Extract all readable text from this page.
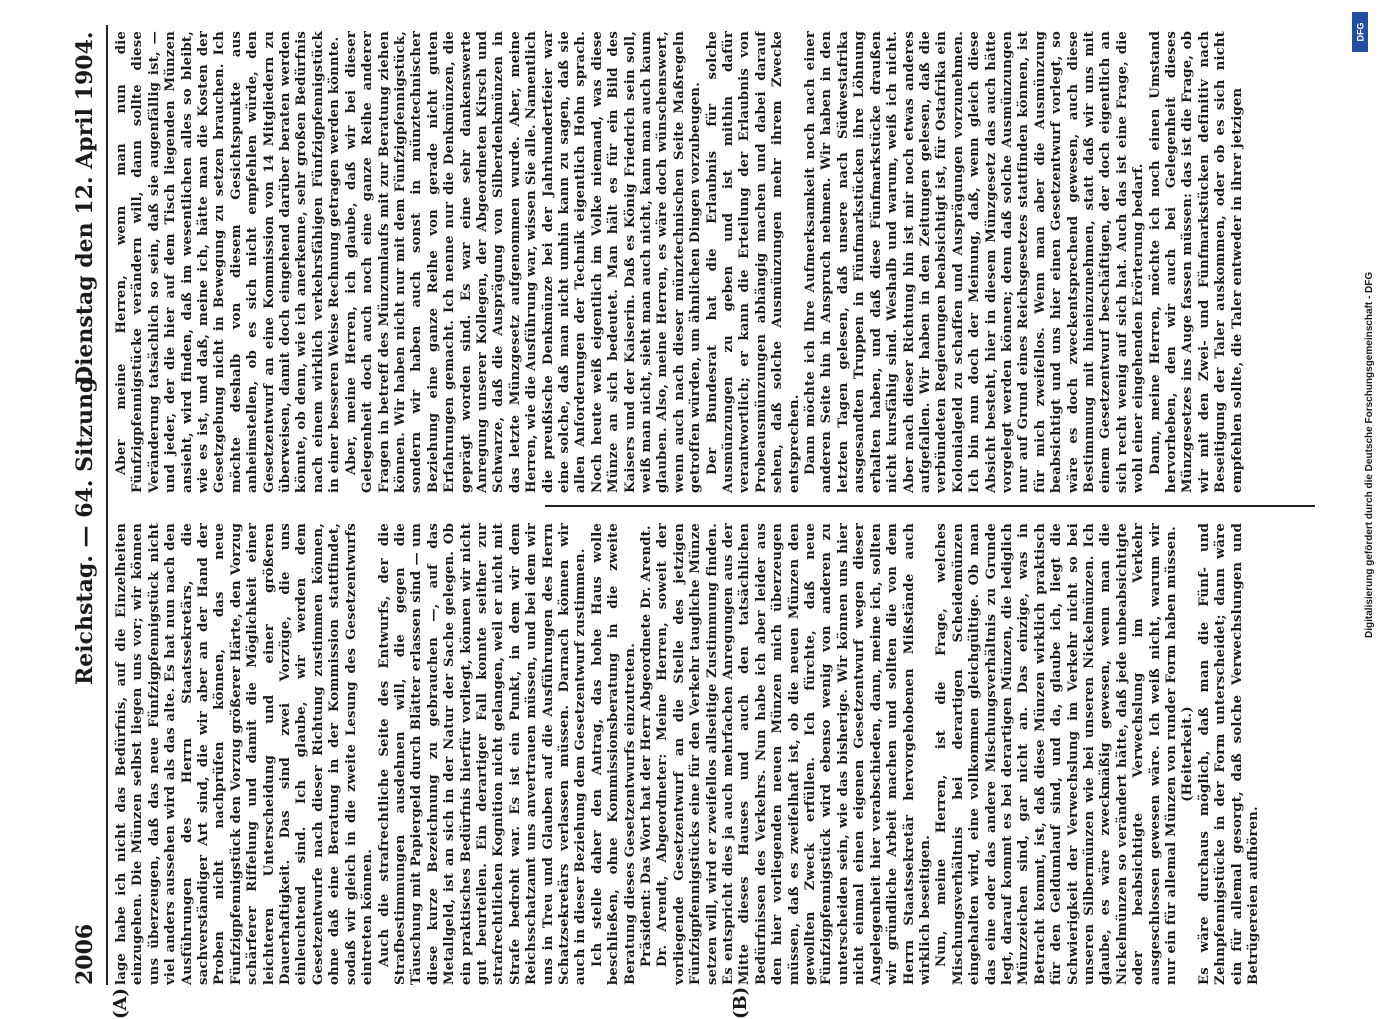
2006
Reichstag. — 64. Sitzung.
Dienstag den 12. April 1904.
(A)	(B)

lage habe ich nicht das Bedürfnis, auf die Einzelheiten einzugehen. Die Münzen selbst liegen uns vor; wir können uns überzeugen, daß das neue Fünfzigpfennigstück nicht viel anders aussehen wird als das alte. Es hat nun nach den Ausführungen des Herrn Staatssekretärs, die sachverständiger Art sind, die wir aber an der Hand der Proben nicht nachprüfen können, das neue Fünfzigpfennigstück den Vorzug größerer Härte, den Vorzug schärferer Riffelung und damit die Möglichkeit einer leichteren Unterscheidung und einer größeren Dauerhaftigkeit. Das sind zwei Vorzüge, die uns einleuchtend sind. Ich glaube, wir werden dem Gesetzentwurfe nach dieser Richtung zustimmen können, ohne daß eine Beratung in der Kommission stattfindet, sodaß wir gleich in die zweite Lesung des Gesetzentwurfs eintreten können. Auch die strafrechtliche Seite des Entwurfs, der die Strafbestimmungen ausdehnen will, die gegen die Täuschung mit Papiergeld durch Blätter erlassen sind — um diese kurze Bezeichnung zu gebrauchen —, auf das Metallgeld, ist an sich in der Natur der Sache gelegen. Ob ein praktisches Bedürfnis hierfür vorliegt, können wir nicht gut beurteilen. Ein derartiger Fall konnte seither zur strafrechtlichen Kognition nicht gelangen, weil er nicht mit Strafe bedroht war. Es ist ein Punkt, in dem wir dem Reichsschatzamt uns anvertrauen müssen, und bei dem wir uns in Treu und Glauben auf die Ausführungen des Herrn Schatzsekretärs verlassen müssen. Darnach können wir auch in dieser Beziehung dem Gesetzentwurf zustimmen. Ich stelle daher den Antrag, das hohe Haus wolle beschließen, ohne Kommissionsberatung in die zweite Beratung dieses Gesetzentwurfs einzutreten. Präsident: Das Wort hat der Herr Abgeordnete Dr. Arendt. Dr. Arendt, Abgeordneter: Meine Herren, soweit der vorliegende Gesetzentwurf an die Stelle des jetzigen Fünfzigpfennigstücks eine für den Verkehr taugliche Münze setzen will, wird er zweifellos allseitige Zustimmung finden. Es entspricht dies ja auch mehrfachen Anregungen aus der Mitte dieses Hauses und auch den tatsächlichen Bedürfnissen des Verkehrs. Nun habe ich aber leider aus den hier vorliegenden neuen Münzen mich überzeugen müssen, daß es zweifelhaft ist, ob die neuen Münzen den gewollten Zweck erfüllen. Ich fürchte, daß neue Fünfzigpfennigstück wird ebenso wenig von anderen zu unterscheiden sein, wie das bisherige. Wir können uns hier nicht einmal einen eigenen Gesetzentwurf wegen dieser Angelegenheit hier verabschieden, dann, meine ich, sollten wir gründliche Arbeit machen und sollten die von dem Herrn Staatssekretär hervorgehobenen Mißstände auch wirklich beseitigen. Nun, meine Herren, ist die Frage, welches Mischungsverhältnis bei derartigen Scheidemünzen eingehalten wird, eine vollkommen gleichgültige. Ob man das eine oder das andere Mischungsverhältnis zu Grunde legt, darauf kommt es bei derartigen Münzen, die lediglich Münzzeichen sind, gar nicht an. Das einzige, was in Betracht kommt, ist, daß diese Münzen wirklich praktisch für den Geldumlauf sind, und da, glaube ich, liegt die Schwierigkeit der Verwechslung im Verkehr nicht so bei unseren Silbermünzen wie bei unseren Nickelmünzen. Ich glaube, es wäre zweckmäßig gewesen, wenn man die Nickelmünzen so verändert hätte, daß jede unbeabsichtigte oder beabsichtigte Verwechslung im Verkehr ausgeschlossen gewesen wäre. Ich weiß nicht, warum wir nur ein für allemal Münzen von runder Form haben müssen. (Heiterkeit.) Es wäre durchaus möglich, daß man die Fünf- und Zehnpfennigstücke in der Form unterscheidet; dann wäre ein für allemal gesorgt, daß solche Verwechslungen und Betrügereien aufhören.

Aber meine Herren, wenn man nun die Fünfzigpfennigstücke verändern will, dann sollte diese Veränderung tatsächlich so sein, daß sie augenfällig ist, — und jeder, der die hier auf dem Tisch liegenden Münzen ansieht, wird finden, daß im wesentlichen alles so bleibt, wie es ist, und daß, meine ich, hätte man die Kosten der Gesetzgebung nicht in Bewegung zu setzen brauchen. Ich möchte deshalb von diesem Gesichtspunkte aus anheimstellen, ob es sich nicht empfehlen würde, den Gesetzentwurf an eine Kommission von 14 Mitgliedern zu überweisen, damit doch eingehend darüber beraten werden könnte, ob denn, wie ich anerkenne, sehr großen Bedürfnis nach einem wirklich verkehrsfähigen Fünfzigpfennigstück in einer besseren Weise Rechnung getragen werden könnte. Aber, meine Herren, ich glaube, daß wir bei dieser Gelegenheit doch auch noch eine ganze Reihe anderer Fragen in betreff des Münzumlaufs mit zur Beratung ziehen können. Wir haben nicht nur mit dem Fünfzigpfennigstück, sondern wir haben auch sonst in münztechnischer Beziehung eine ganze Reihe von gerade nicht guten Erfahrungen gemacht. Ich nenne nur die Denkmünzen, die geprägt worden sind. Es war eine sehr dankenswerte Anregung unserer Kollegen, der Abgeordneten Kirsch und Schwarze, daß die Ausprägung von Silberdenkmünzen in das letzte Münzgesetz aufgenommen wurde. Aber, meine Herren, wie die Ausführung war, wissen Sie alle. Namentlich die preußische Denkmünze bei der Jahrhundertfeier war eine solche, daß man nicht umhin kann zu sagen, daß sie allen Anforderungen der Technik eigentlich Hohn sprach. Noch heute weiß eigentlich im Volke niemand, was diese Münze an sich bedeutet. Man hält es für ein Bild des Kaisers und der Kaiserin. Daß es König Friedrich sein soll, weiß man nicht, sieht man auch nicht, kann man auch kaum glauben. Also, meine Herren, es wäre doch wünschenswert, wenn auch nach dieser münztechnischen Seite Maßregeln getroffen würden, um ähnlichen Dingen vorzubeugen. Der Bundesrat hat die Erlaubnis für solche Ausmünzungen zu geben und ist mithin dafür verantwortlich; er kann die Erteilung der Erlaubnis von Probeausmünzungen abhängig machen und dabei darauf sehen, daß solche Ausmünzungen mehr ihrem Zwecke entsprechen. Dann möchte ich Ihre Aufmerksamkeit noch nach einer anderen Seite hin in Anspruch nehmen. Wir haben in den letzten Tagen gelesen, daß unsere nach Südwestafrika ausgesandten Truppen in Fünfmarkstücken ihre Löhnung erhalten haben, und daß diese Fünfmarkstücke draußen nicht kursfähig sind. Weshalb und warum, weiß ich nicht. Aber nach dieser Richtung hin ist mir noch etwas anderes aufgefallen. Wir haben in den Zeitungen gelesen, daß die verbündeten Regierungen beabsichtigt ist, für Ostafrika ein Kolonialgeld zu schaffen und Ausprägungen vorzunehmen. Ich bin nun doch der Meinung, daß, wenn gleich diese Absicht besteht, hier in diesem Münzgesetz das auch hätte vorgelegt werden können; denn daß solche Ausmünzungen nur auf Grund eines Reichsgesetzes stattfinden können, ist für mich zweifellos. Wenn man aber die Ausmünzung beabsichtigt und uns hier einen Gesetzentwurf vorlegt, so wäre es doch zweckentsprechend gewesen, auch diese Bestimmung mit hineinzunehmen, statt daß wir uns mit einem Gesetzentwurf beschäftigen, der doch eigentlich an sich recht wenig auf sich hat. Auch das ist eine Frage, die wohl einer eingehenden Erörterung bedarf. Dann, meine Herren, möchte ich noch einen Umstand hervorheben, den wir auch bei Gelegenheit dieses Münzgesetzes ins Auge fassen müssen: das ist die Frage, ob wir mit den Zwei- und Fünfmarkstücken definitiv nach Beseitigung der Taler auskommen, oder ob es sich nicht empfehlen sollte, die Taler entweder in ihrer jetzigen

DFG
Digitalisierung gefördert durch die Deutsche Forschungsgemeinschaft - DFG
